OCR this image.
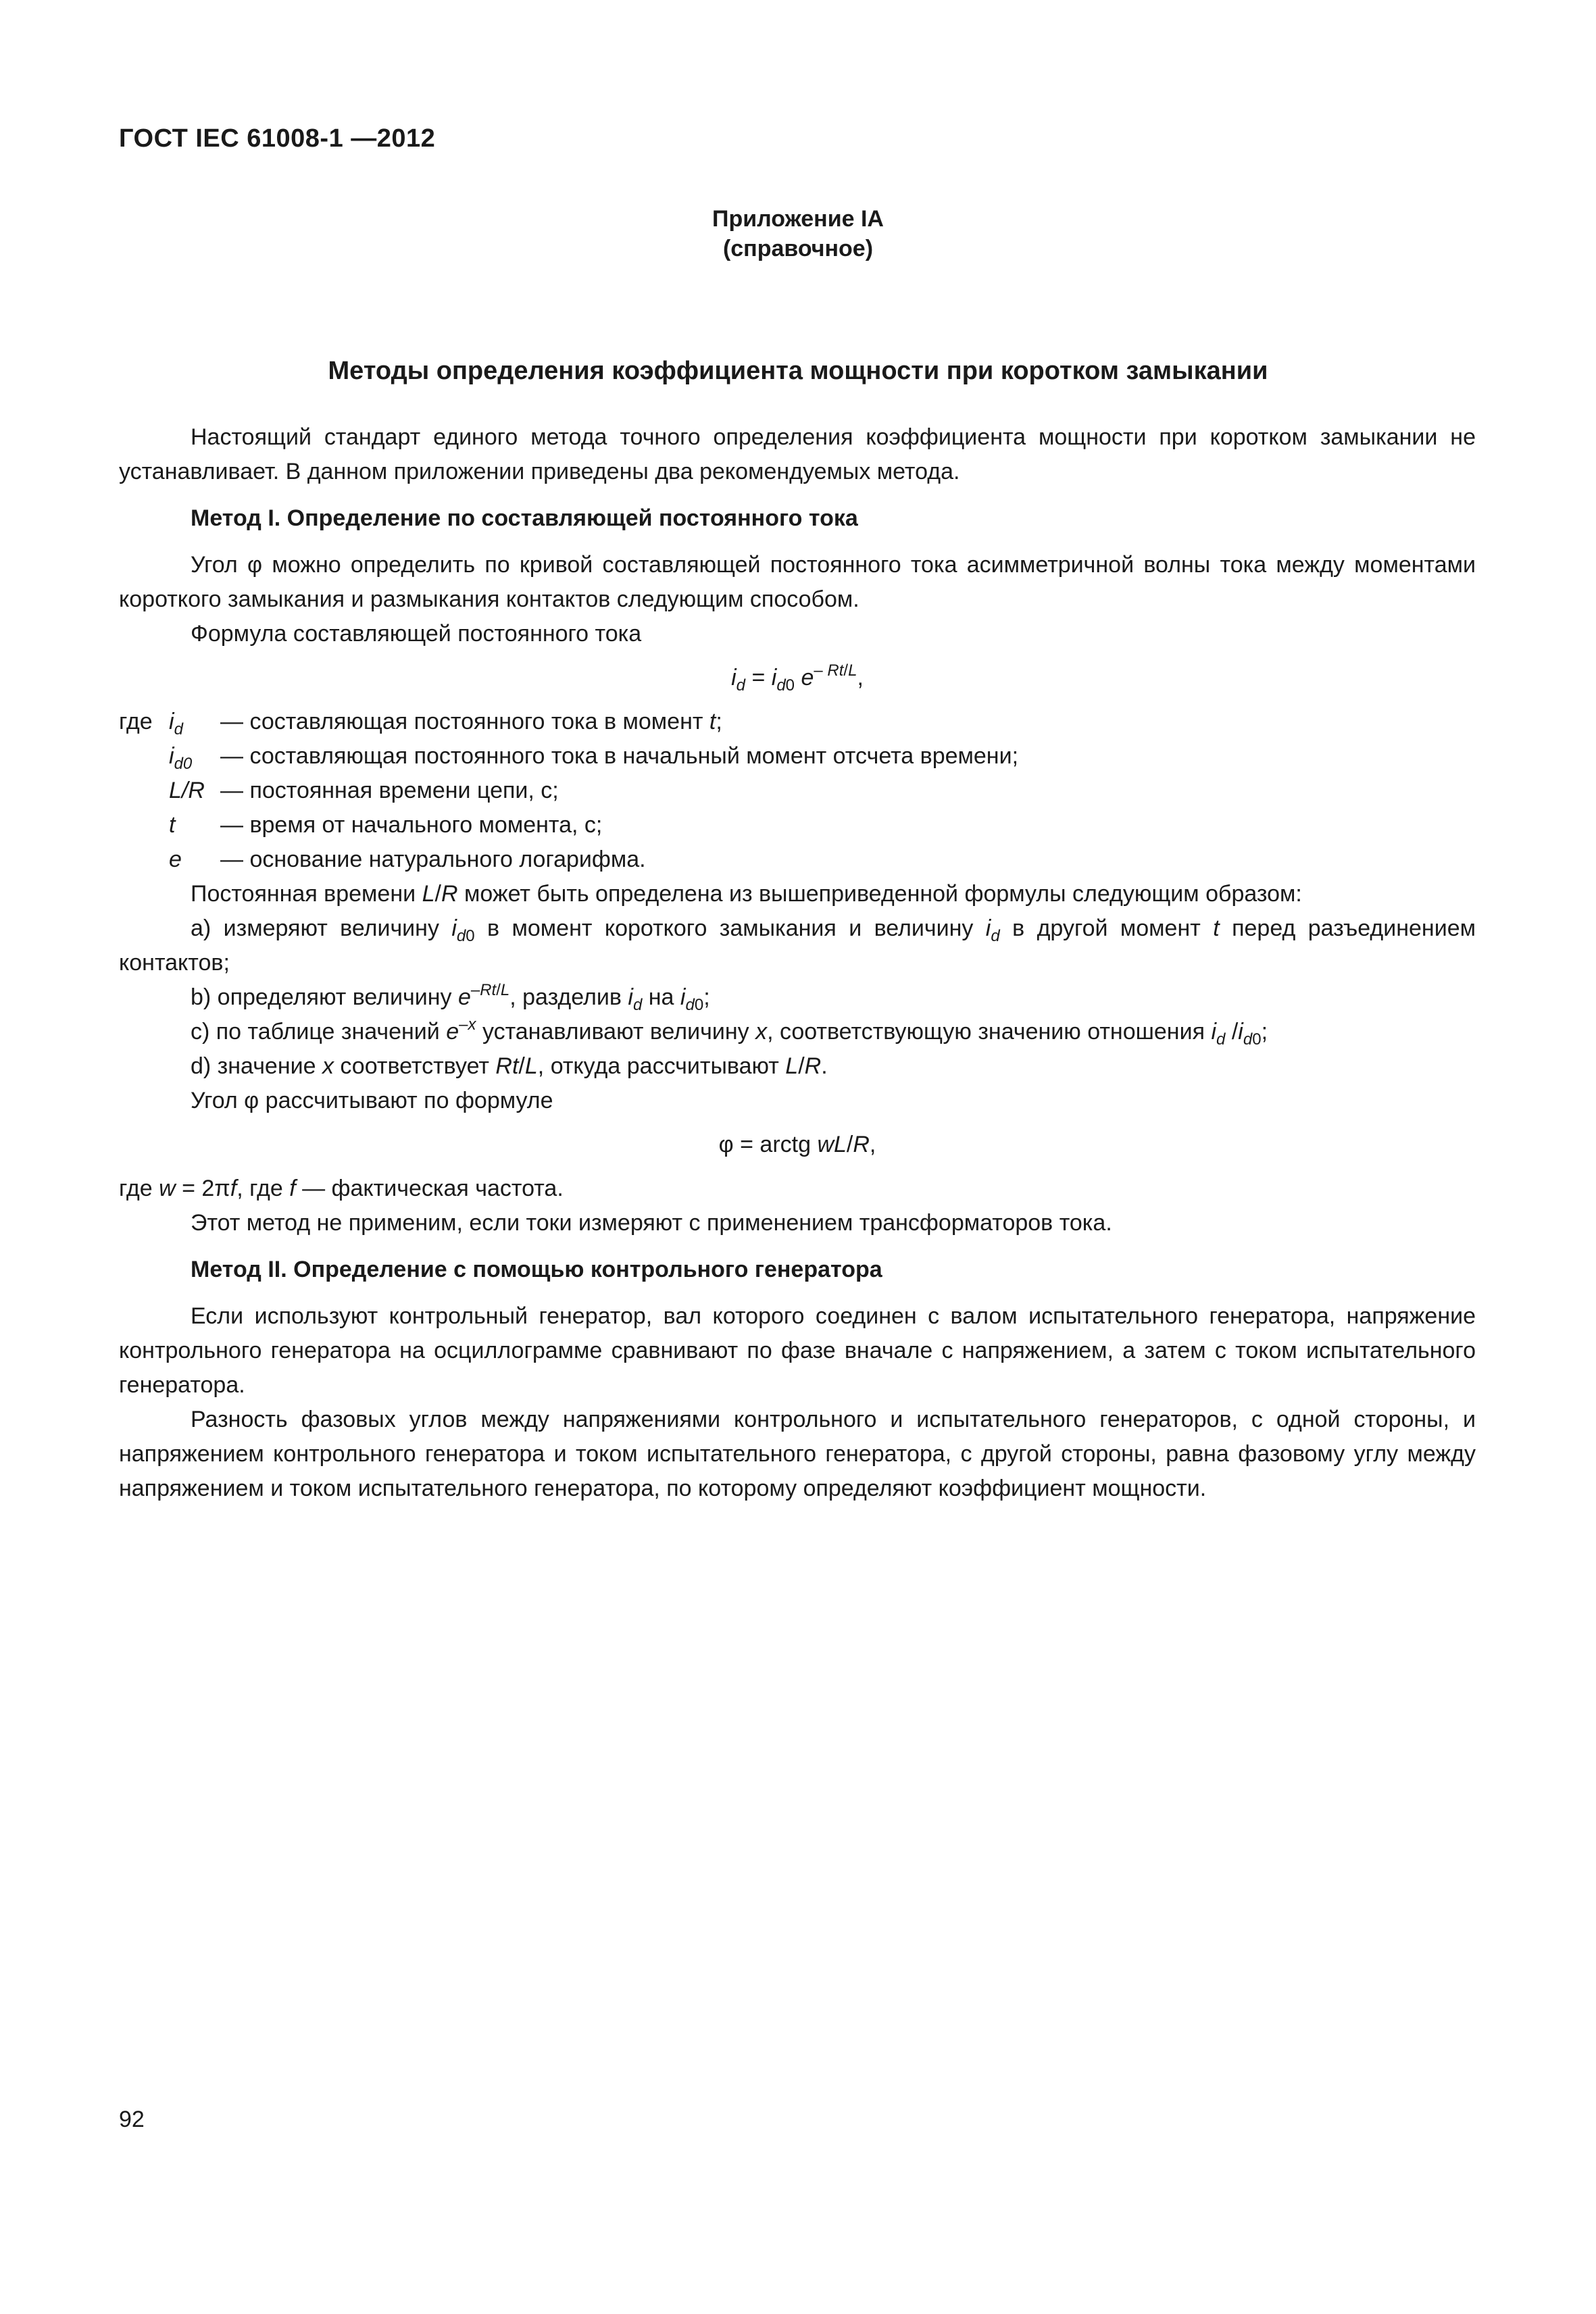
ГОСТ IEC 61008-1 —2012
Приложение IA
(справочное)
Методы определения коэффициента мощности при коротком замыкании

Настоящий стандарт единого метода точного определения коэффициента мощности при коротком замыкании не устанавливает. В данном приложении приведены два рекомендуемых метода.

Метод I. Определение по составляющей постоянного тока

Угол φ можно определить по кривой составляющей постоянного тока асимметричной волны тока между моментами короткого замыкания и размыкания контактов следующим способом.

Формула составляющей постоянного тока

$i_d = i_{d0}$ $e^{- Rt/L}$,
где $i_d$	— составляющая постоянного тока в момент t;
$i_{d0}$	— составляющая постоянного тока в начальный момент отсчета времени;
L/R — постоянная времени цепи, с;
t	— время от начального момента, с;
e	— основание натурального логарифма.

Постоянная времени L/R может быть определена из вышеприведенной формулы следующим образом:

а) измеряют величину $i_{d0}$ в момент короткого замыкания и величину $i_d$ в другой момент t перед разъединением контактов;

b) определяют величину $e^{-Rt/L}$, разделив $i_d$ на $i_{d0}$;

с) по таблице значений $e^{-x}$ устанавливают величину x, соответствующую значению отношения $i_d$ $/i_{d0}$;

d) значение x соответствует Rt/L, откуда рассчитывают L/R.

Угол φ рассчитывают по формуле

φ = arctg wL/R,

где w = 2πf, где f — фактическая частота.

Этот метод не применим, если токи измеряют с применением трансформаторов тока.

Метод II. Определение с помощью контрольного генератора

Если используют контрольный генератор, вал которого соединен с валом испытательного генератора, напряжение контрольного генератора на осциллограмме сравнивают по фазе вначале с напряжением, а затем с током испытательного генератора.

Разность фазовых углов между напряжениями контрольного и испытательного генераторов, с одной стороны, и напряжением контрольного генератора и током испытательного генератора, с другой стороны, равна фазовому углу между напряжением и током испытательного генератора, по которому определяют коэффициент мощности.

92
